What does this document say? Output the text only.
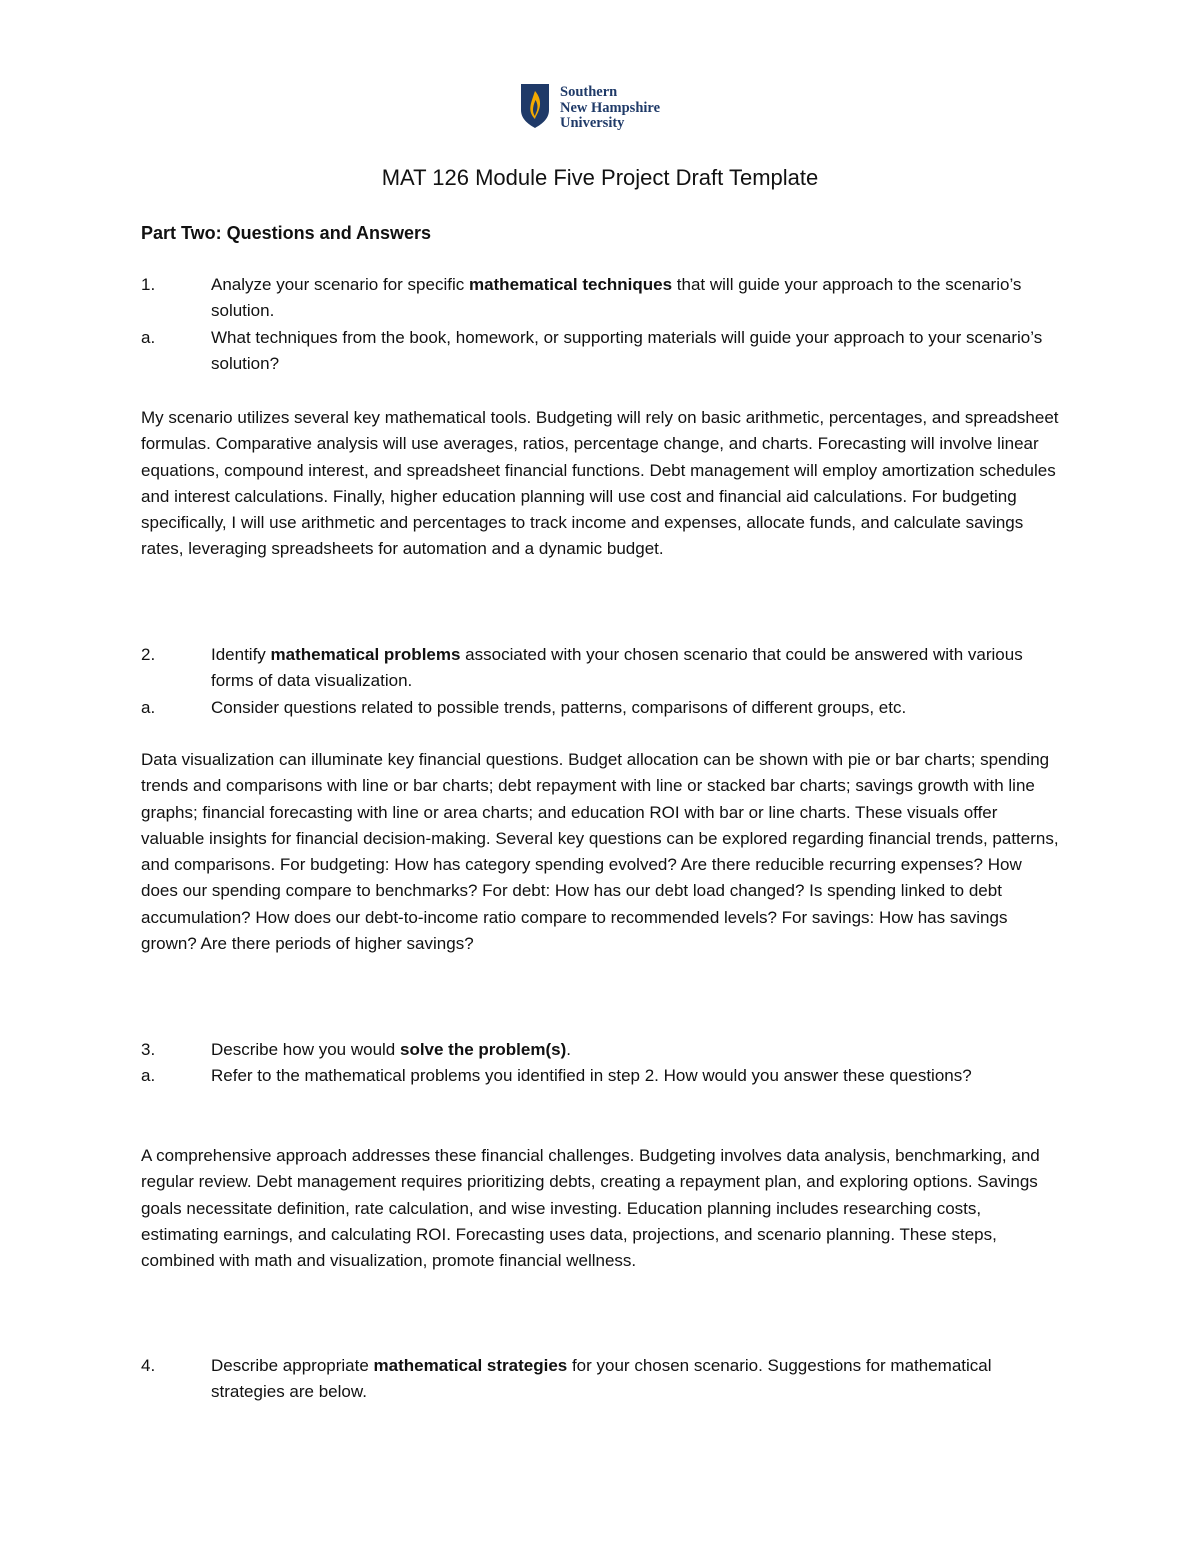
Southern
New Hampshire
University
MAT 126 Module Five Project Draft Template
Part Two: Questions and Answers
1.	Analyze your scenario for specific mathematical techniques that will guide your approach to the scenario’s solution.
a.	What techniques from the book, homework, or supporting materials will guide your approach to your scenario’s solution?

My scenario utilizes several key mathematical tools. Budgeting will rely on basic arithmetic, percentages, and spreadsheet formulas. Comparative analysis will use averages, ratios, percentage change, and charts. Forecasting will involve linear equations, compound interest, and spreadsheet financial functions. Debt management will employ amortization schedules and interest calculations. Finally, higher education planning will use cost and financial aid calculations. For budgeting specifically, I will use arithmetic and percentages to track income and expenses, allocate funds, and calculate savings rates, leveraging spreadsheets for automation and a dynamic budget.

2.	Identify mathematical problems associated with your chosen scenario that could be answered with various forms of data visualization.
a.	Consider questions related to possible trends, patterns, comparisons of different groups, etc.

Data visualization can illuminate key financial questions. Budget allocation can be shown with pie or bar charts; spending trends and comparisons with line or bar charts; debt repayment with line or stacked bar charts; savings growth with line graphs; financial forecasting with line or area charts; and education ROI with bar or line charts. These visuals offer valuable insights for financial decision-making. Several key questions can be explored regarding financial trends, patterns, and comparisons. For budgeting: How has category spending evolved? Are there reducible recurring expenses? How does our spending compare to benchmarks? For debt: How has our debt load changed? Is spending linked to debt accumulation? How does our debt-to-income ratio compare to recommended levels? For savings: How has savings grown? Are there periods of higher savings?

3.	Describe how you would solve the problem(s).
a.	Refer to the mathematical problems you identified in step 2. How would you answer these questions?

A comprehensive approach addresses these financial challenges. Budgeting involves data analysis, benchmarking, and regular review. Debt management requires prioritizing debts, creating a repayment plan, and exploring options. Savings goals necessitate definition, rate calculation, and wise investing. Education planning includes researching costs, estimating earnings, and calculating ROI. Forecasting uses data, projections, and scenario planning. These steps, combined with math and visualization, promote financial wellness.

4.	Describe appropriate mathematical strategies for your chosen scenario. Suggestions for mathematical strategies are below.
